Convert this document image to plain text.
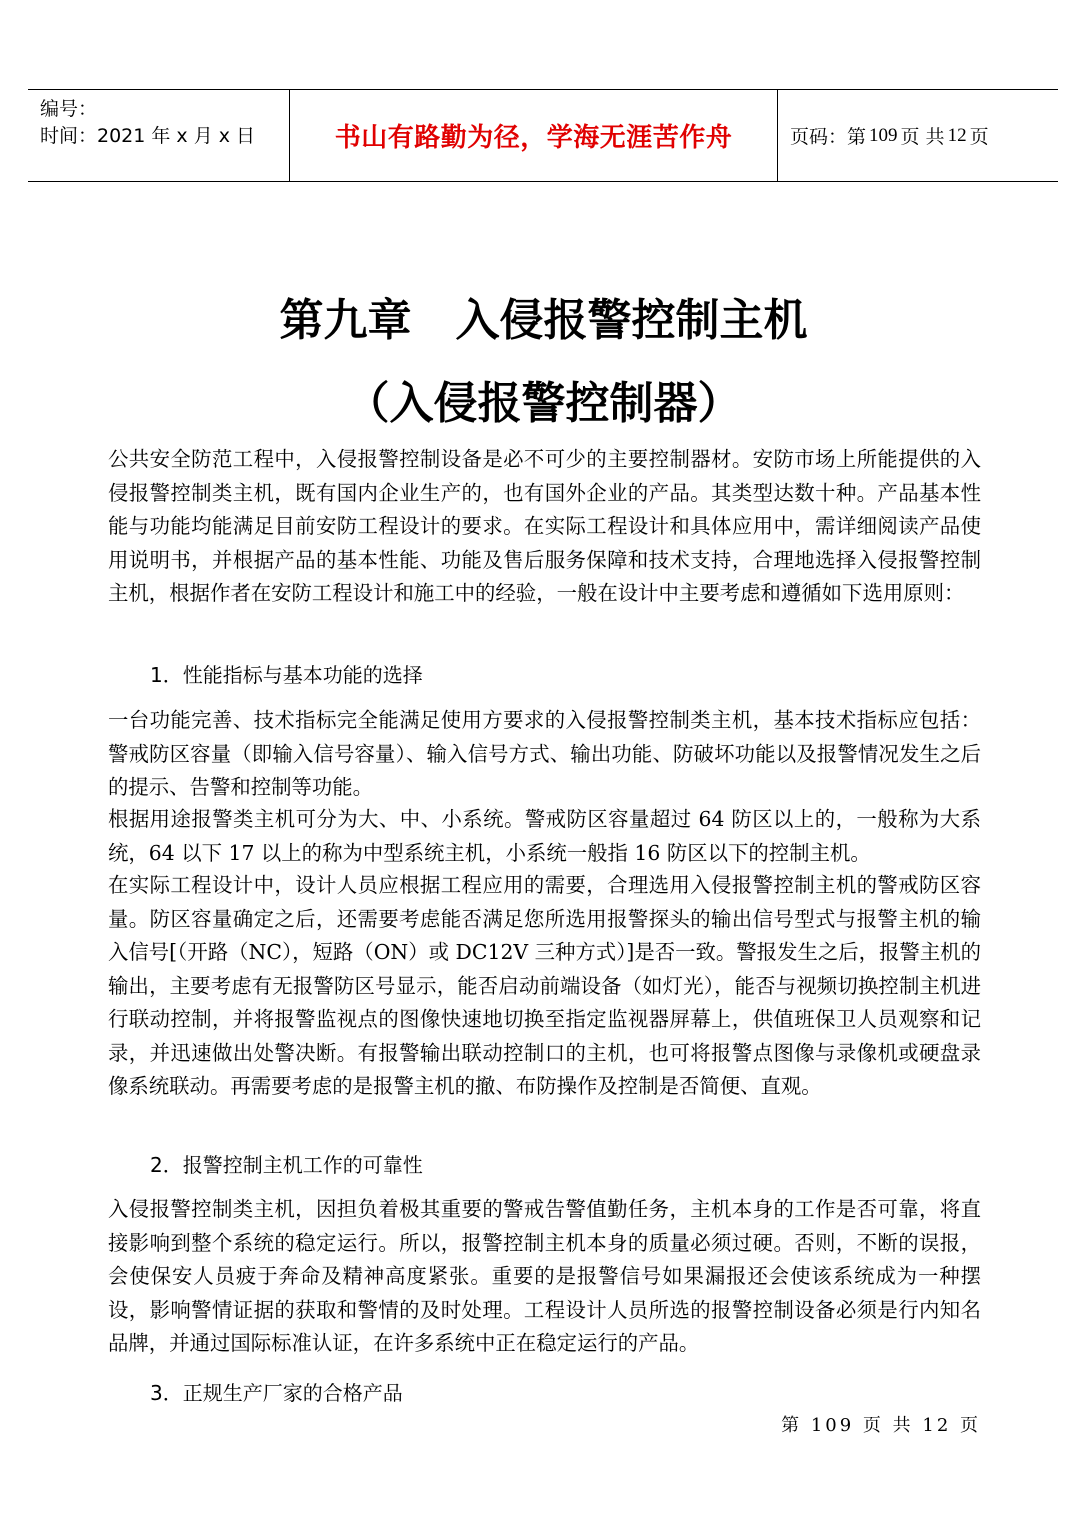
编号：
时间：2021 年 x 月 x 日	书山有路勤为径，学海无涯苦作舟	页码：第 109 页 共 12 页
第九章　入侵报警控制主机
（入侵报警控制器）

公共安全防范工程中，入侵报警控制设备是必不可少的主要控制器材。安防市场上所能提供的入侵报警控制类主机，既有国内企业生产的，也有国外企业的产品。其类型达数十种。产品基本性能与功能均能满足目前安防工程设计的要求。在实际工程设计和具体应用中，需详细阅读产品使用说明书，并根据产品的基本性能、功能及售后服务保障和技术支持，合理地选择入侵报警控制主机，根据作者在安防工程设计和施工中的经验，一般在设计中主要考虑和遵循如下选用原则：

1．性能指标与基本功能的选择

一台功能完善、技术指标完全能满足使用方要求的入侵报警控制类主机，基本技术指标应包括：警戒防区容量（即输入信号容量）、输入信号方式、输出功能、防破坏功能以及报警情况发生之后的提示、告警和控制等功能。

根据用途报警类主机可分为大、中、小系统。警戒防区容量超过 64 防区以上的，一般称为大系统，64 以下 17 以上的称为中型系统主机，小系统一般指 16 防区以下的控制主机。

在实际工程设计中，设计人员应根据工程应用的需要，合理选用入侵报警控制主机的警戒防区容量。防区容量确定之后，还需要考虑能否满足您所选用报警探头的输出信号型式与报警主机的输入信号[（开路（NC），短路（ON）或 DC12V 三种方式）]是否一致。警报发生之后，报警主机的输出，主要考虑有无报警防区号显示，能否启动前端设备（如灯光），能否与视频切换控制主机进行联动控制，并将报警监视点的图像快速地切换至指定监视器屏幕上，供值班保卫人员观察和记录，并迅速做出处警决断。有报警输出联动控制口的主机，也可将报警点图像与录像机或硬盘录像系统联动。再需要考虑的是报警主机的撤、布防操作及控制是否简便、直观。

2．报警控制主机工作的可靠性

入侵报警控制类主机，因担负着极其重要的警戒告警值勤任务，主机本身的工作是否可靠，将直接影响到整个系统的稳定运行。所以，报警控制主机本身的质量必须过硬。否则，不断的误报，会使保安人员疲于奔命及精神高度紧张。重要的是报警信号如果漏报还会使该系统成为一种摆设，影响警情证据的获取和警情的及时处理。工程设计人员所选的报警控制设备必须是行内知名品牌，并通过国际标准认证，在许多系统中正在稳定运行的产品。

3．正规生产厂家的合格产品
第 109 页 共 12 页
